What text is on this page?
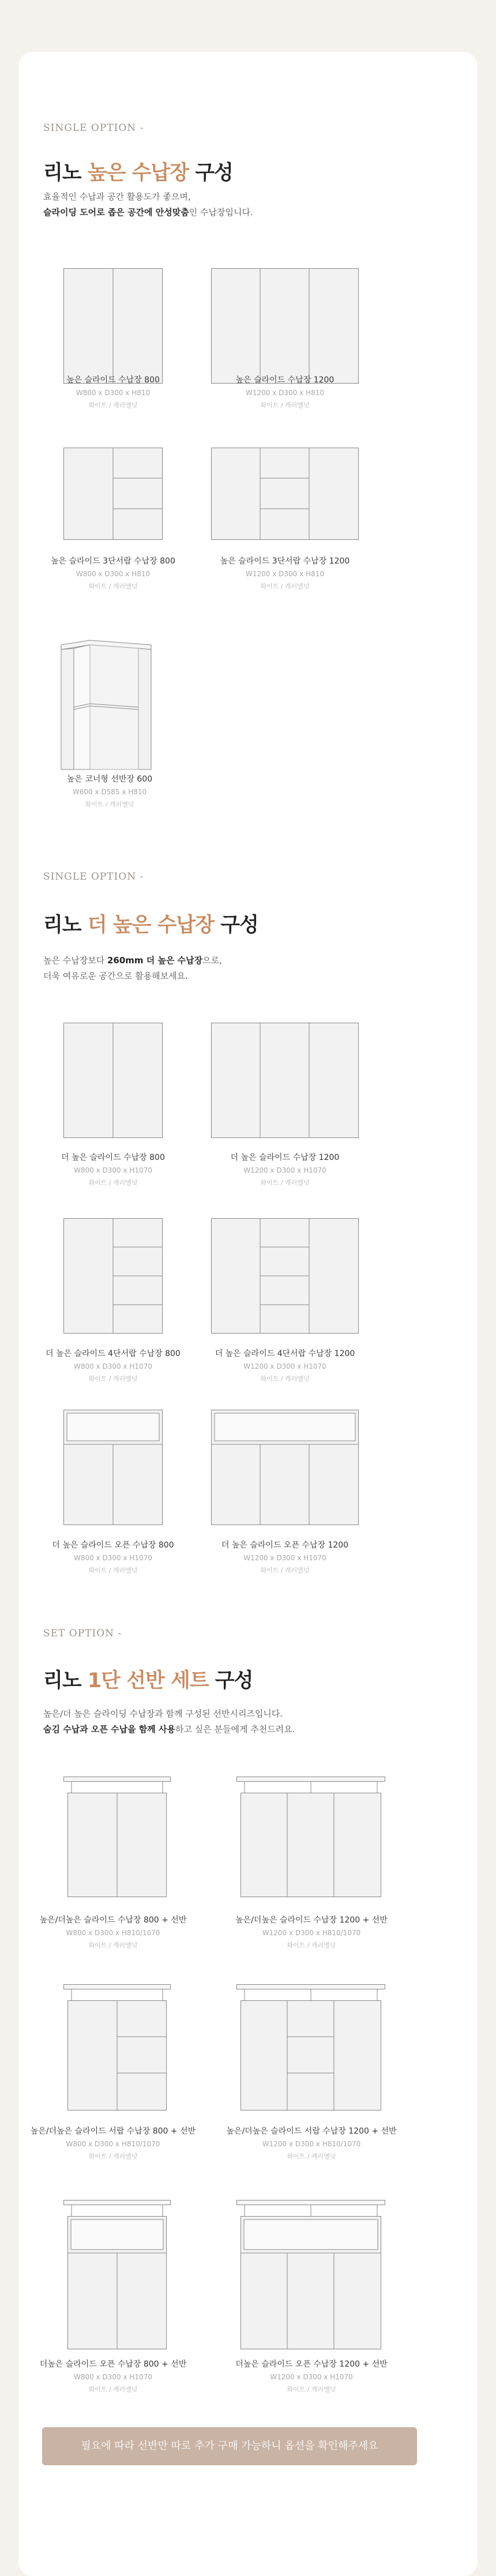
SINGLE OPTION -
리노 높은 수납장 구성
효율적인 수납과 공간 활용도가 좋으며,
슬라이딩 도어로 좁은 공간에 안성맞춤인 수납장입니다.
높은 슬라이드 수납장 800
W800 x D300 x H810
화이트 / 캐러멜넛
높은 슬라이드 수납장 1200
W1200 x D300 x H810
화이트 / 캐러멜넛
높은 슬라이드 3단서랍 수납장 800
W800 x D300 x H810
화이트 / 캐러멜넛
높은 슬라이드 3단서랍 수납장 1200
W1200 x D300 x H810
화이트 / 캐러멜넛
높은 코너형 선반장 600
W600 x D585 x H810
화이트 / 캐러멜넛
SINGLE OPTION -
리노 더 높은 수납장 구성
높은 수납장보다 260mm 더 높은 수납장으로,
더욱 여유로운 공간으로 활용해보세요.
더 높은 슬라이드 수납장 800
W800 x D300 x H1070
화이트 / 캐러멜넛
더 높은 슬라이드 수납장 1200
W1200 x D300 x H1070
화이트 / 캐러멜넛
더 높은 슬라이드 4단서랍 수납장 800
W800 x D300 x H1070
화이트 / 캐러멜넛
더 높은 슬라이드 4단서랍 수납장 1200
W1200 x D300 x H1070
화이트 / 캐러멜넛
더 높은 슬라이드 오픈 수납장 800
W800 x D300 x H1070
화이트 / 캐러멜넛
더 높은 슬라이드 오픈 수납장 1200
W1200 x D300 x H1070
화이트 / 캐러멜넛
SET OPTION -
리노 1단 선반 세트 구성
높은/더 높은 슬라이딩 수납장과 함께 구성된 선반시리즈입니다.
숨김 수납과 오픈 수납을 함께 사용하고 싶은 분들에게 추천드려요.
높은/더높은 슬라이드 수납장 800 + 선반
W800 x D300 x H810/1070
화이트 / 캐러멜넛
높은/더높은 슬라이드 수납장 1200 + 선반
W1200 x D300 x H810/1070
화이트 / 캐러멜넛
높은/더높은 슬라이드 서랍 수납장 800 + 선반
W800 x D300 x H810/1070
화이트 / 캐러멜넛
높은/더높은 슬라이드 서랍 수납장 1200 + 선반
W1200 x D300 x H810/1070
화이트 / 캐러멜넛
더높은 슬라이드 오픈 수납장 800 + 선반
W800 x D300 x H1070
화이트 / 캐러멜넛
더높은 슬라이드 오픈 수납장 1200 + 선반
W1200 x D300 x H1070
화이트 / 캐러멜넛
필요에 따라 선반만 따로 추가 구매 가능하니 옵션을 확인해주세요
